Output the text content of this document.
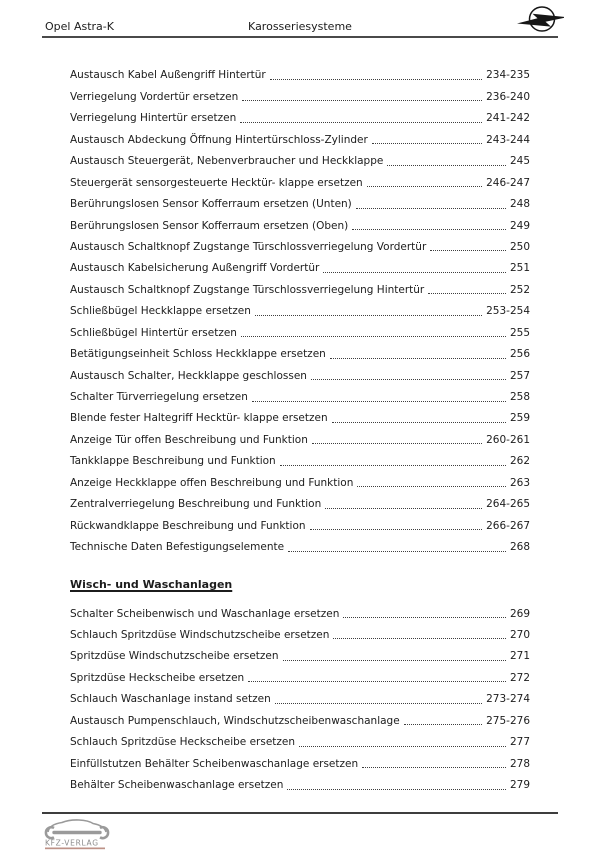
Opel Astra-K	Karosseriesysteme
Austausch Kabel Außengriff Hintertür	234-235
Verriegelung Vordertür ersetzen	236-240
Verriegelung Hintertür ersetzen	241-242
Austausch Abdeckung Öffnung Hintertürschloss-Zylinder	243-244
Austausch Steuergerät, Nebenverbraucher und Heckklappe	245
Steuergerät sensorgesteuerte Hecktür- klappe ersetzen	246-247
Berührungslosen Sensor Kofferraum ersetzen (Unten)	248
Berührungslosen Sensor Kofferraum ersetzen (Oben)	249
Austausch Schaltknopf Zugstange Türschlossverriegelung Vordertür	250
Austausch Kabelsicherung Außengriff Vordertür	251
Austausch Schaltknopf Zugstange Türschlossverriegelung Hintertür	252
Schließbügel Heckklappe ersetzen	253-254
Schließbügel Hintertür ersetzen	255
Betätigungseinheit Schloss Heckklappe ersetzen	256
Austausch Schalter, Heckklappe geschlossen	257
Schalter Türverriegelung ersetzen	258
Blende fester Haltegriff Hecktür- klappe ersetzen	259
Anzeige Tür offen Beschreibung und Funktion	260-261
Tankklappe Beschreibung und Funktion	262
Anzeige Heckklappe offen Beschreibung und Funktion	263
Zentralverriegelung Beschreibung und Funktion	264-265
Rückwandklappe Beschreibung und Funktion	266-267
Technische Daten Befestigungselemente	268
Wisch- und Waschanlagen
Schalter Scheibenwisch und Waschanlage ersetzen	269
Schlauch Spritzdüse Windschutzscheibe ersetzen	270
Spritzdüse Windschutzscheibe ersetzen	271
Spritzdüse Heckscheibe ersetzen	272
Schlauch Waschanlage instand setzen	273-274
Austausch Pumpenschlauch, Windschutzscheibenwaschanlage	275-276
Schlauch Spritzdüse Heckscheibe ersetzen	277
Einfüllstutzen Behälter Scheibenwaschanlage ersetzen	278
Behälter Scheibenwaschanlage ersetzen	279
KFZ-VERLAG
